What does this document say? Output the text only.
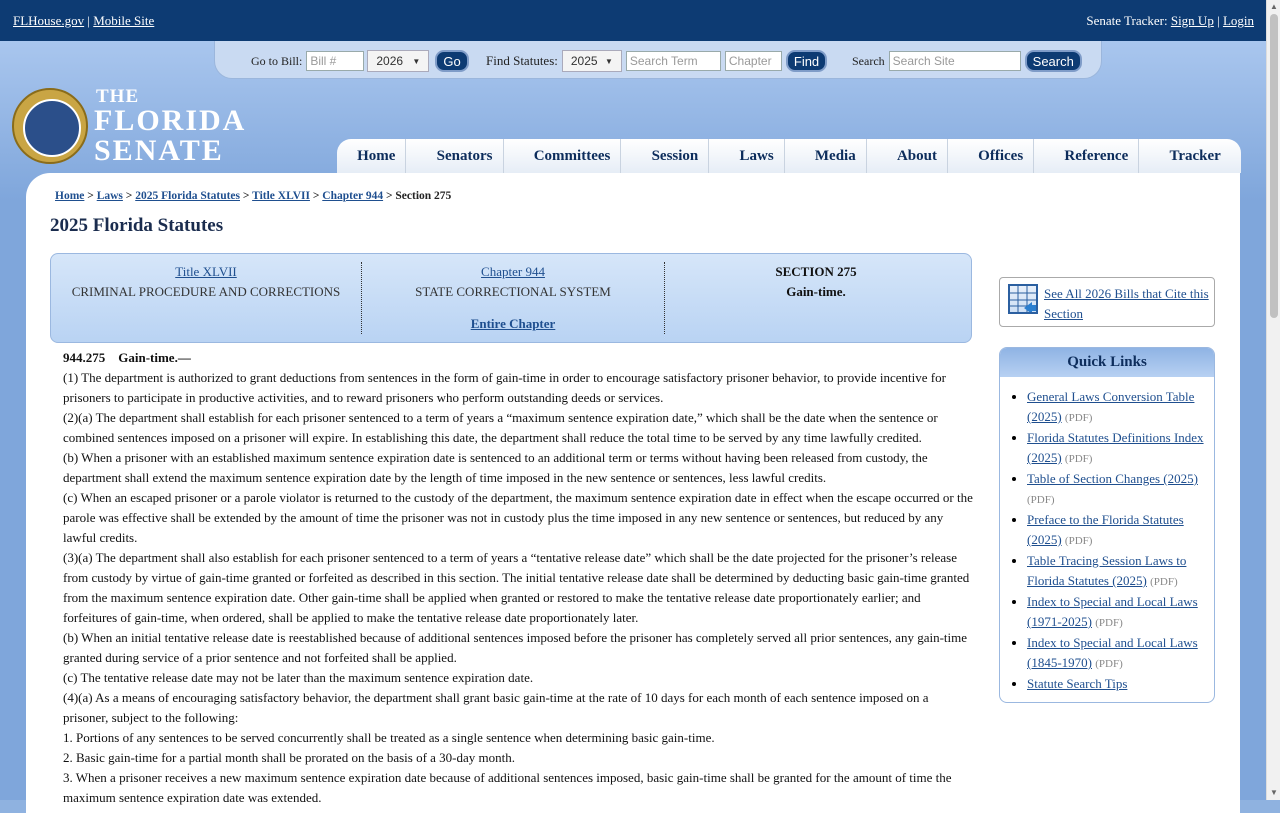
FLHouse.gov | Mobile Site	Senate Tracker: Sign Up | Login
Go to Bill: Bill #	2026 ▼	Go	Find Statutes: 2025 ▼	Search Term	Chapter	Find	Search Search Site	Search
THE
FLORIDA
SENATE	Home	Senators	Committees	Session	Laws	Media	About	Offices	Reference	Tracker
Home > Laws > 2025 Florida Statutes > Title XLVII > Chapter 944 > Section 275
2025 Florida Statutes
Title XLVII
CRIMINAL PROCEDURE AND CORRECTIONS
Chapter 944
STATE CORRECTIONAL SYSTEM
Entire Chapter
SECTION 275
Gain-time.

944.275 Gain-time.—

(1) The department is authorized to grant deductions from sentences in the form of gain-time in order to encourage satisfactory prisoner behavior, to provide incentive for prisoners to participate in productive activities, and to reward prisoners who perform outstanding deeds or services.

(2)(a) The department shall establish for each prisoner sentenced to a term of years a “maximum sentence expiration date,” which shall be the date when the sentence or combined sentences imposed on a prisoner will expire. In establishing this date, the department shall reduce the total time to be served by any time lawfully credited.

(b) When a prisoner with an established maximum sentence expiration date is sentenced to an additional term or terms without having been released from custody, the department shall extend the maximum sentence expiration date by the length of time imposed in the new sentence or sentences, less lawful credits.

(c) When an escaped prisoner or a parole violator is returned to the custody of the department, the maximum sentence expiration date in effect when the escape occurred or the parole was effective shall be extended by the amount of time the prisoner was not in custody plus the time imposed in any new sentence or sentences, but reduced by any lawful credits.

(3)(a) The department shall also establish for each prisoner sentenced to a term of years a “tentative release date” which shall be the date projected for the prisoner’s release from custody by virtue of gain-time granted or forfeited as described in this section. The initial tentative release date shall be determined by deducting basic gain-time granted from the maximum sentence expiration date. Other gain-time shall be applied when granted or restored to make the tentative release date proportionately earlier; and forfeitures of gain-time, when ordered, shall be applied to make the tentative release date proportionately later.

(b) When an initial tentative release date is reestablished because of additional sentences imposed before the prisoner has completely served all prior sentences, any gain-time granted during service of a prior sentence and not forfeited shall be applied.

(c) The tentative release date may not be later than the maximum sentence expiration date.

(4)(a) As a means of encouraging satisfactory behavior, the department shall grant basic gain-time at the rate of 10 days for each month of each sentence imposed on a prisoner, subject to the following:

1. Portions of any sentences to be served concurrently shall be treated as a single sentence when determining basic gain-time.

2. Basic gain-time for a partial month shall be prorated on the basis of a 30-day month.

3. When a prisoner receives a new maximum sentence expiration date because of additional sentences imposed, basic gain-time shall be granted for the amount of time the maximum sentence expiration date was extended.

See All 2026 Bills that Cite this Section
Quick Links
• General Laws Conversion Table (2025) (PDF)
• Florida Statutes Definitions Index (2025) (PDF)
• Table of Section Changes (2025) (PDF)
• Preface to the Florida Statutes (2025) (PDF)
• Table Tracing Session Laws to Florida Statutes (2025) (PDF)
• Index to Special and Local Laws (1971-2025) (PDF)
• Index to Special and Local Laws (1845-1970) (PDF)
• Statute Search Tips
▲
▼
